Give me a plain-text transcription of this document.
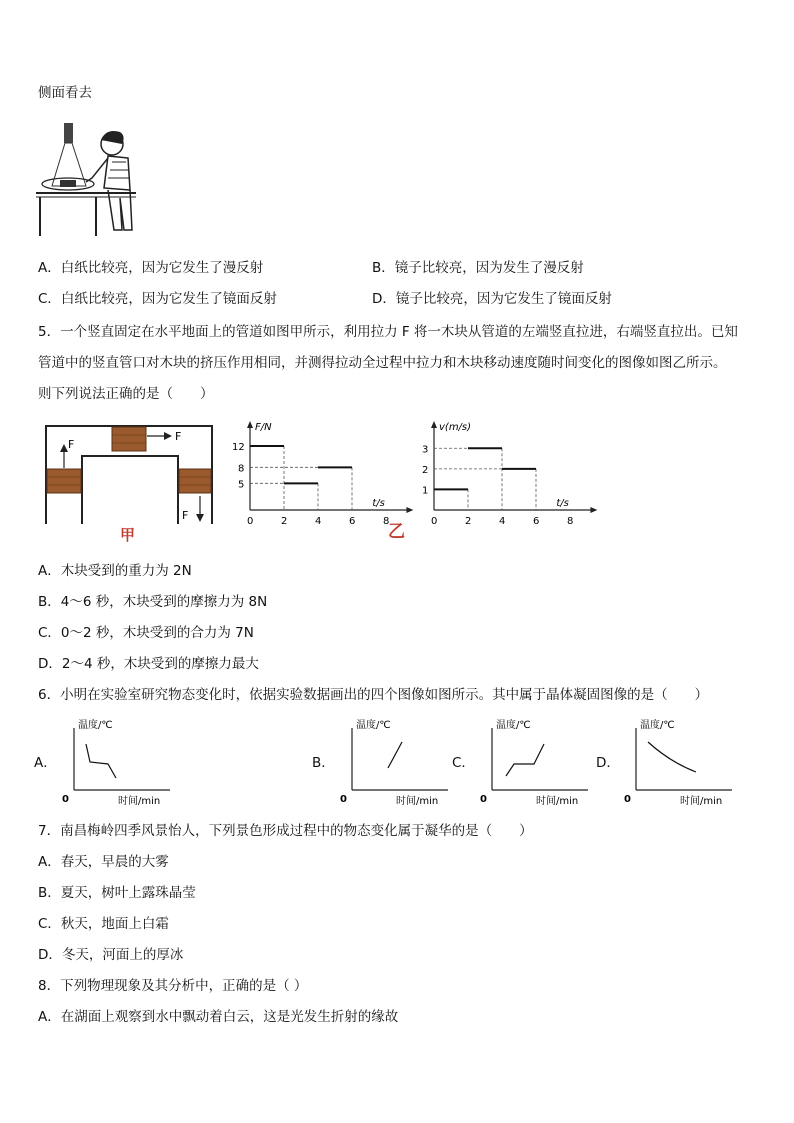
侧面看去
A．白纸比较亮，因为它发生了漫反射	B．镜子比较亮，因为发生了漫反射
C．白纸比较亮，因为它发生了镜面反射	D．镜子比较亮，因为它发生了镜面反射
5．一个竖直固定在水平地面上的管道如图甲所示，利用拉力 F 将一木块从管道的左端竖直拉进，右端竖直拉出。已知
管道中的竖直管口对木块的挤压作用相同，并测得拉动全过程中拉力和木块移动速度随时间变化的图像如图乙所示。
则下列说法正确的是（　　）
F
F
F
甲
F/N
t/s
0	2	4	6	8
12
8
5
v(m/s)
t/s
0	2	4	6	8
3
2
1
乙
A．木块受到的重力为 2N
B．4～6 秒，木块受到的摩擦力为 8N
C．0～2 秒，木块受到的合力为 7N
D．2～4 秒，木块受到的摩擦力最大
6．小明在实验室研究物态变化时，依据实验数据画出的四个图像如图所示。其中属于晶体凝固图像的是（　　）
A．
温度/℃
0	时间/min
B．
温度/℃
0	时间/min
C．
温度/℃
0	时间/min
D．
温度/℃
0	时间/min
7．南昌梅岭四季风景怡人，下列景色形成过程中的物态变化属于凝华的是（　　）
A．春天，早晨的大雾
B．夏天，树叶上露珠晶莹
C．秋天，地面上白霜
D．冬天，河面上的厚冰
8．下列物理现象及其分析中，正确的是（ ）
A．在湖面上观察到水中飘动着白云，这是光发生折射的缘故
